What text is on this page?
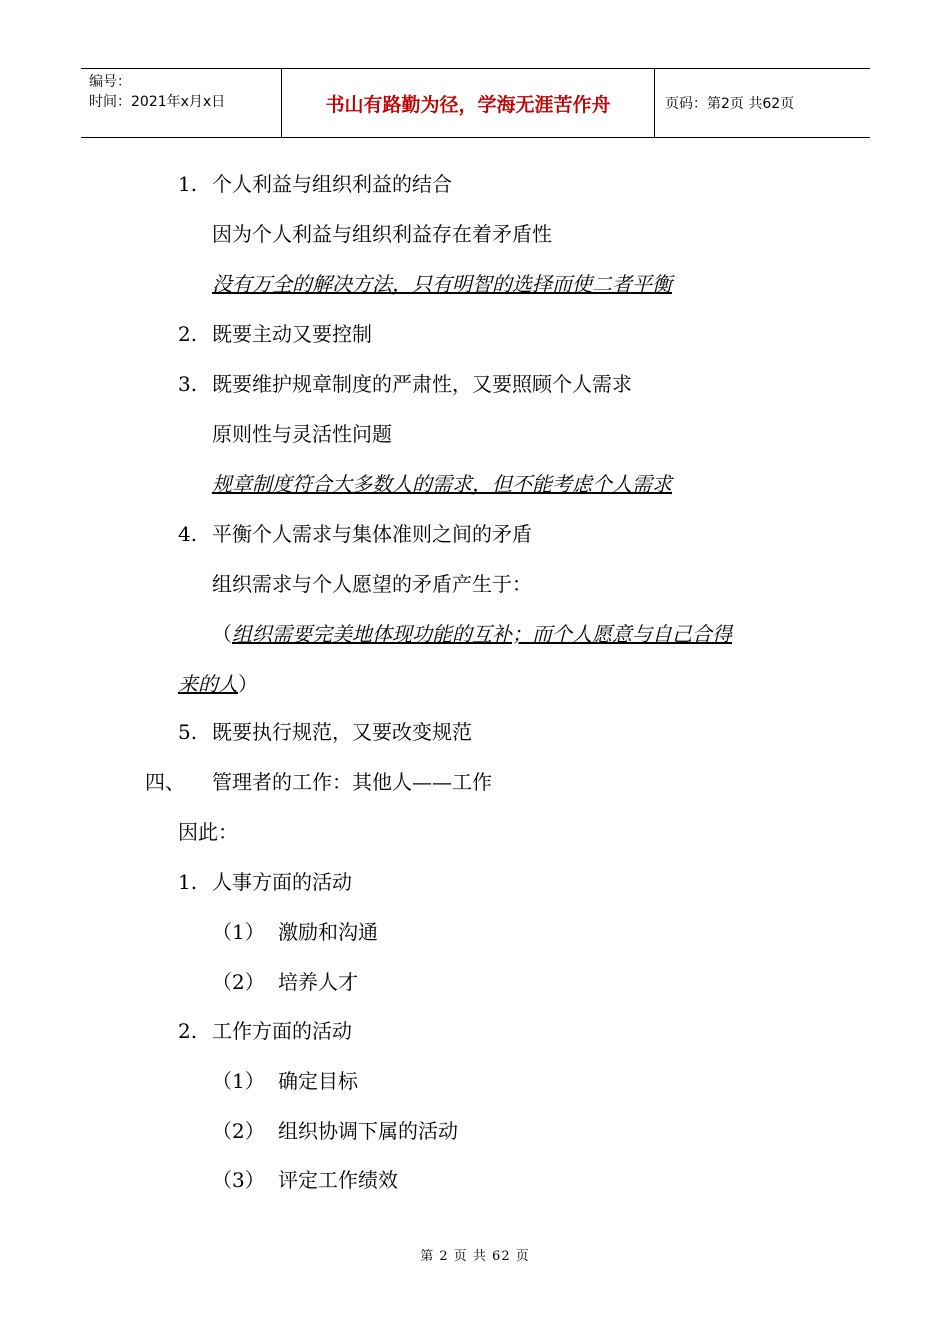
编号：
时间：2021年x月x日	书山有路勤为径，学海无涯苦作舟	页码：第2页 共62页
1. 个人利益与组织利益的结合
因为个人利益与组织利益存在着矛盾性
没有万全的解决方法，只有明智的选择而使二者平衡
2. 既要主动又要控制
3. 既要维护规章制度的严肃性，又要照顾个人需求
原则性与灵活性问题
规章制度符合大多数人的需求，但不能考虑个人需求
4. 平衡个人需求与集体准则之间的矛盾
组织需求与个人愿望的矛盾产生于：
（组织需要完美地体现功能的互补；而个人愿意与自己合得
来的人）
5. 既要执行规范，又要改变规范
四、 管理者的工作：其他人——工作
因此：
1. 人事方面的活动
（1） 激励和沟通
（2） 培养人才
2. 工作方面的活动
（1） 确定目标
（2） 组织协调下属的活动
（3） 评定工作绩效
第 2 页 共 62 页
